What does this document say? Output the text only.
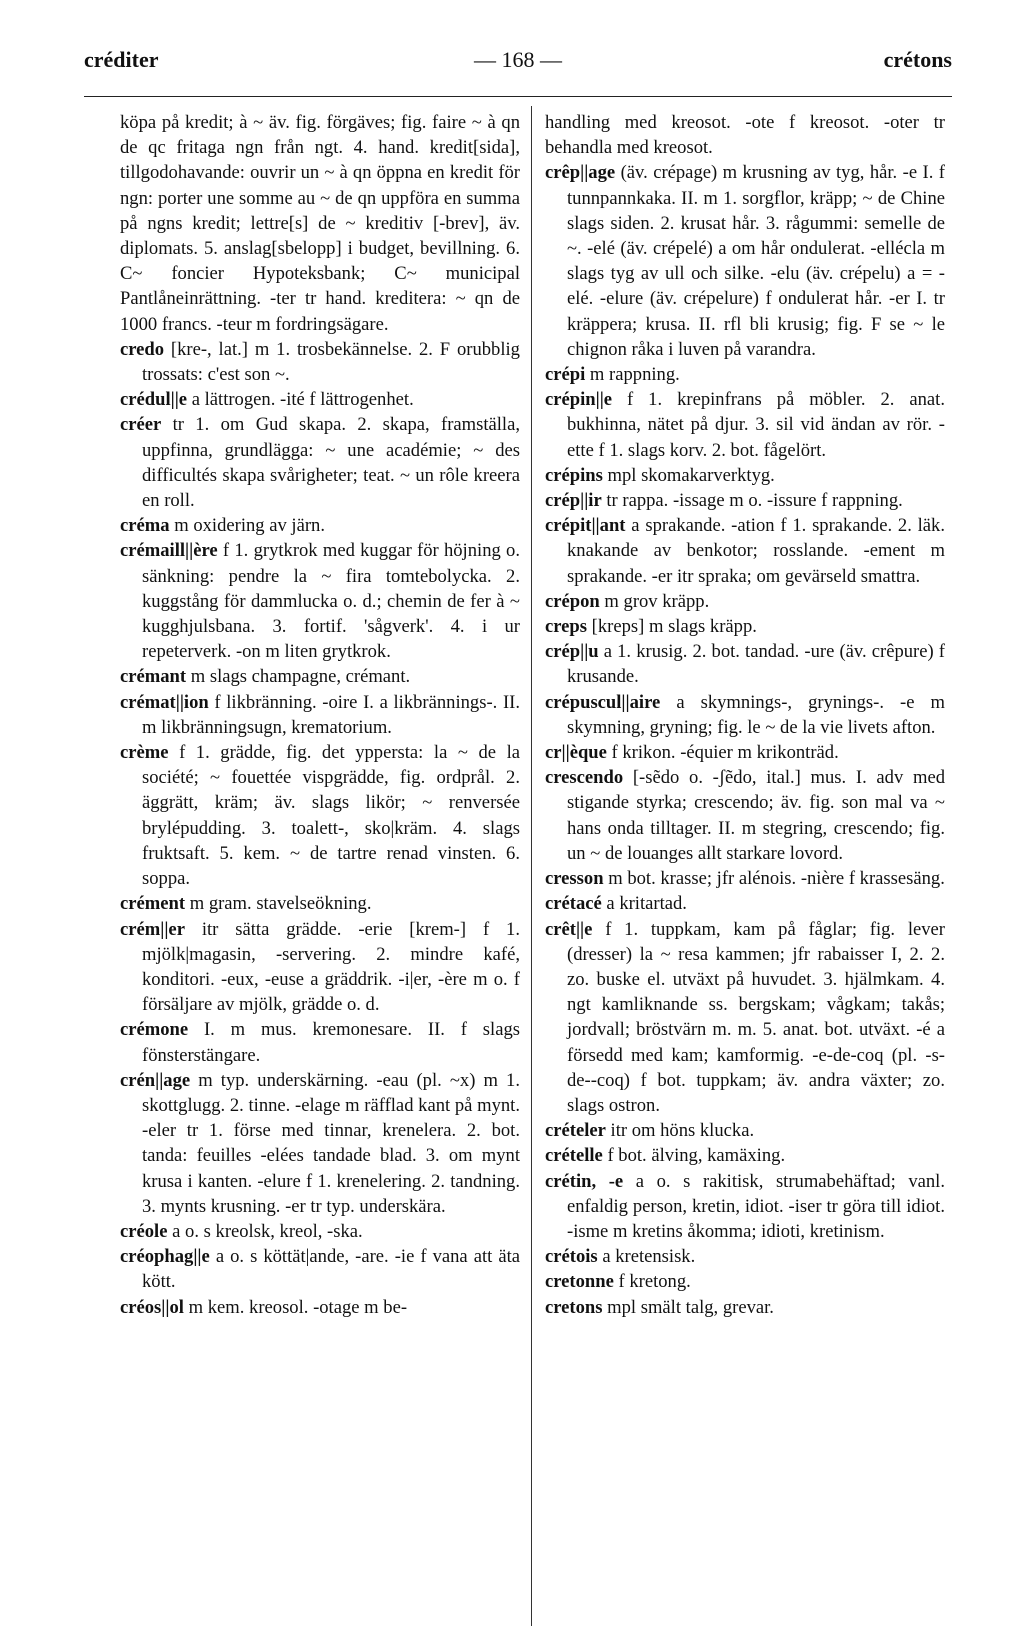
créditer	— 168 —	crétons

köpa på kredit; à ~ äv. fig. förgäves; fig. faire ~ à qn de qc fritaga ngn från ngt. 4. hand. kredit[sida], tillgodohavande: ouvrir un ~ à qn öppna en kredit för ngn: porter une somme au ~ de qn uppföra en summa på ngns kredit; lettre[s] de ~ kreditiv [-brev], äv. diplomats. 5. anslag[sbelopp] i budget, bevillning. 6. C~ foncier Hypoteksbank; C~ municipal Pantlåneinrättning. -ter tr hand. kreditera: ~ qn de 1000 francs. -teur m fordringsägare.

credo [kre-, lat.] m 1. trosbekännelse. 2. F orubblig trossats: c'est son ~.

crédul||e a lättrogen. -ité f lättrogenhet.

créer tr 1. om Gud skapa. 2. skapa, framställa, uppfinna, grundlägga: ~ une académie; ~ des difficultés skapa svårigheter; teat. ~ un rôle kreera en roll.

créma m oxidering av järn.

crémaill||ère f 1. grytkrok med kuggar för höjning o. sänkning: pendre la ~ fira tomtebolycka. 2. kuggstång för dammlucka o. d.; chemin de fer à ~ kugghjulsbana. 3. fortif. 'sågverk'. 4. i ur repeterverk. -on m liten grytkrok.

crémant m slags champagne, crémant.

crémat||ion f likbränning. -oire I. a likbrännings-. II. m likbränningsugn, krematorium.

crème f 1. grädde, fig. det yppersta: la ~ de la société; ~ fouettée vispgrädde, fig. ordprål. 2. äggrätt, kräm; äv. slags likör; ~ renversée brylépudding. 3. toalett-, sko|kräm. 4. slags fruktsaft. 5. kem. ~ de tartre renad vinsten. 6. soppa.

crément m gram. stavelseökning.

crém||er itr sätta grädde. -erie [krem-] f 1. mjölk|magasin, -servering. 2. mindre kafé, konditori. -eux, -euse a gräddrik. -i|er, -ère m o. f försäljare av mjölk, grädde o. d.

crémone I. m mus. kremonesare. II. f slags fönsterstängare.

crén||age m typ. underskärning. -eau (pl. ~x) m 1. skottglugg. 2. tinne. -elage m räfflad kant på mynt. -eler tr 1. förse med tinnar, krenelera. 2. bot. tanda: feuilles -elées tandade blad. 3. om mynt krusa i kanten. -elure f 1. krenelering. 2. tandning. 3. mynts krusning. -er tr typ. underskära.

créole a o. s kreolsk, kreol, -ska.

créophag||e a o. s köttät|ande, -are. -ie f vana att äta kött.

créos||ol m kem. kreosol. -otage m be-

handling med kreosot. -ote f kreosot. -oter tr behandla med kreosot.

crêp||age (äv. crépage) m krusning av tyg, hår. -e I. f tunnpannkaka. II. m 1. sorgflor, kräpp; ~ de Chine slags siden. 2. krusat hår. 3. rågummi: semelle de ~. -elé (äv. crépelé) a om hår ondulerat. -ellécla m slags tyg av ull och silke. -elu (äv. crépelu) a = -elé. -elure (äv. crépelure) f ondulerat hår. -er I. tr kräppera; krusa. II. rfl bli krusig; fig. F se ~ le chignon råka i luven på varandra.

crépi m rappning.

crépin||e f 1. krepinfrans på möbler. 2. anat. bukhinna, nätet på djur. 3. sil vid ändan av rör. -ette f 1. slags korv. 2. bot. fågelört.

crépins mpl skomakarverktyg.

crép||ir tr rappa. -issage m o. -issure f rappning.

crépit||ant a sprakande. -ation f 1. sprakande. 2. läk. knakande av benkotor; rosslande. -ement m sprakande. -er itr spraka; om gevärseld smattra.

crépon m grov kräpp.

creps [kreps] m slags kräpp.

crép||u a 1. krusig. 2. bot. tandad. -ure (äv. crêpure) f krusande.

crépuscul||aire a skymnings-, grynings-. -e m skymning, gryning; fig. le ~ de la vie livets afton.

cr||èque f krikon. -équier m krikonträd.

crescendo [-sẽdo o. -ʃẽdo, ital.] mus. I. adv med stigande styrka; crescendo; äv. fig. son mal va ~ hans onda tilltager. II. m stegring, crescendo; fig. un ~ de louanges allt starkare lovord.

cresson m bot. krasse; jfr alénois. -nière f krassesäng.

crétacé a kritartad.

crêt||e f 1. tuppkam, kam på fåglar; fig. lever (dresser) la ~ resa kammen; jfr rabaisser I, 2. 2. zo. buske el. utväxt på huvudet. 3. hjälmkam. 4. ngt kamliknande ss. bergskam; vågkam; takås; jordvall; bröstvärn m. m. 5. anat. bot. utväxt. -é a försedd med kam; kamformig. -e-de-coq (pl. -s-de--coq) f bot. tuppkam; äv. andra växter; zo. slags ostron.

crételer itr om höns klucka.

crételle f bot. älving, kamäxing.

crétin, -e a o. s rakitisk, strumabehäftad; vanl. enfaldig person, kretin, idiot. -iser tr göra till idiot. -isme m kretins åkomma; idioti, kretinism.

crétois a kretensisk.

cretonne f kretong.

cretons mpl smält talg, grevar.
